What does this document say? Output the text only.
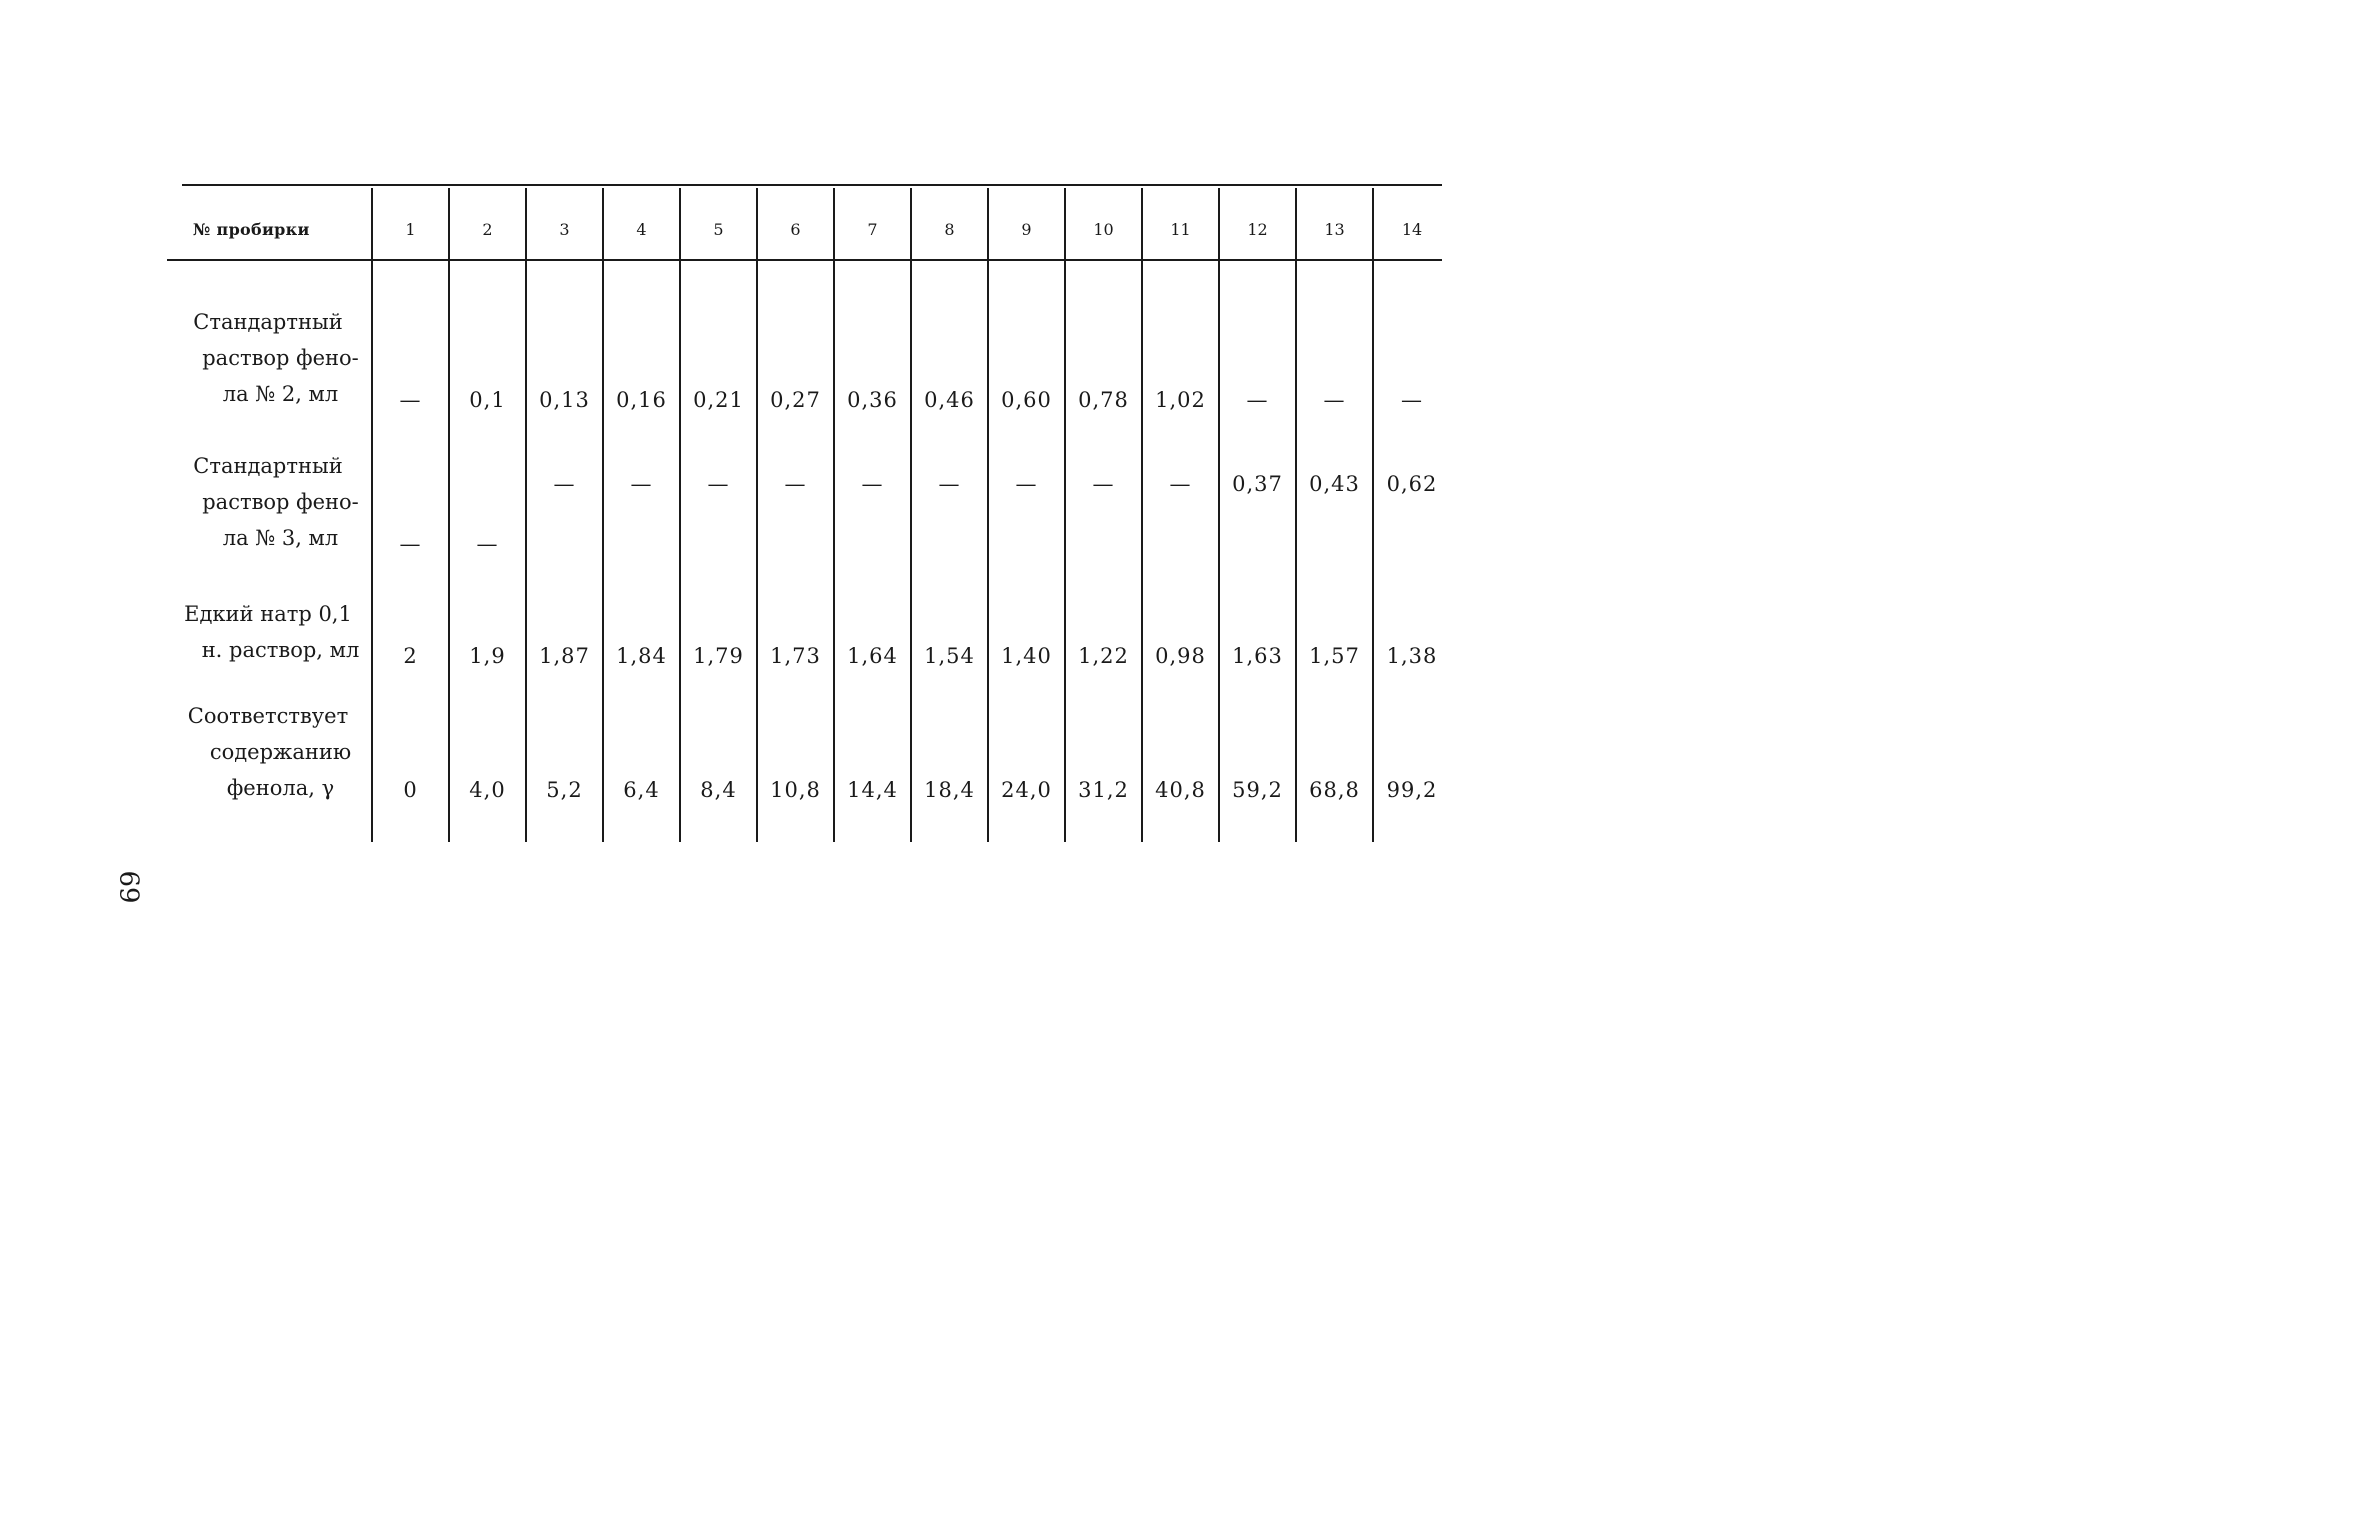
№ пробирки	1	2	3	4	5	6	7	8	9	10	11	12	13	14

Стандартный
раствор фено-
ла № 2, мл	—	0,1	0,13	0,16	0,21	0,27	0,36	0,46	0,60	0,78	1,02	—	—	—

Стандартный
раствор фено-
ла № 3, мл	—	—	—	—	—	—	—	—	—	—	—	0,37	0,43	0,62

Едкий натр 0,1
н. раствор, мл	2	1,9	1,87	1,84	1,79	1,73	1,64	1,54	1,40	1,22	0,98	1,63	1,57	1,38

Соответствует
содержанию
фенола, γ	0	4,0	5,2	6,4	8,4	10,8	14,4	18,4	24,0	31,2	40,8	59,2	68,8	99,2
69
